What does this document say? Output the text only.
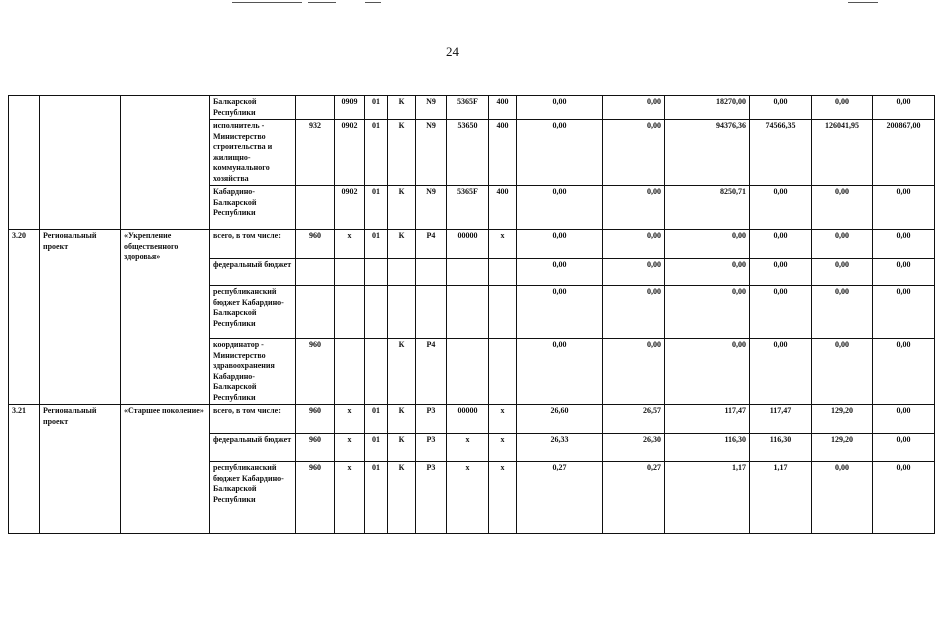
24
			Балкарской Республики		0909	01	К	N9	5365F	400	0,00	0,00	18270,00	0,00	0,00	0,00
			исполнитель - Министерство строительства и жилищно- коммунального хозяйства	932	0902	01	К	N9	53650	400	0,00	0,00	94376,36	74566,35	126041,95	200867,00
			Кабардино- Балкарской Республики		0902	01	К	N9	5365F	400	0,00	0,00	8250,71	0,00	0,00	0,00
3.20	Региональный проект	«Укрепление общественного здоровья»	всего, в том числе:	960	х	01	К	Р4	00000	х	0,00	0,00	0,00	0,00	0,00	0,00
			федеральный бюджет								0,00	0,00	0,00	0,00	0,00	0,00
			республиканский бюджет Кабардино- Балкарской Республики								0,00	0,00	0,00	0,00	0,00	0,00
			координатор - Министерство здравоохранения Кабардино- Балкарской Республики	960			К	Р4			0,00	0,00	0,00	0,00	0,00	0,00
3.21	Региональный проект	«Старшее поколение»	всего, в том числе:	960	х	01	К	Р3	00000	х	26,60	26,57	117,47	117,47	129,20	0,00
			федеральный бюджет	960	х	01	К	Р3	х	х	26,33	26,30	116,30	116,30	129,20	0,00
			республиканский бюджет Кабардино- Балкарской Республики	960	х	01	К	Р3	х	х	0,27	0,27	1,17	1,17	0,00	0,00
